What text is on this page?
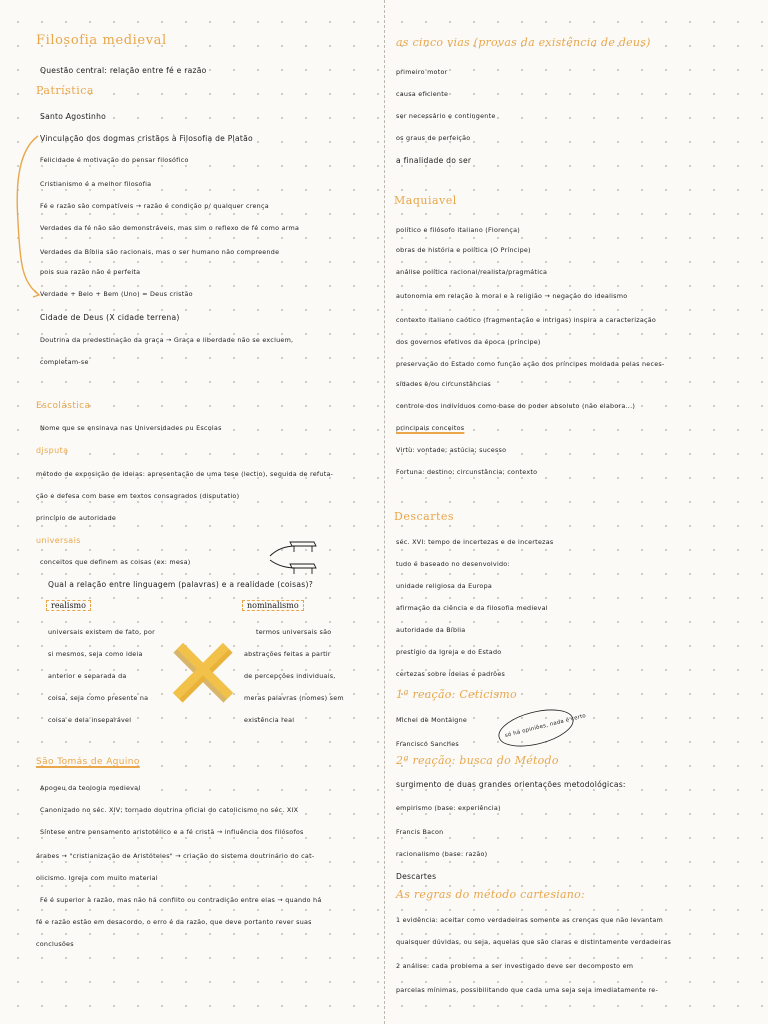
Filosofia medieval
Questão central: relação entre fé e razão
Patrística
Santo Agostinho
Vinculação dos dogmas cristãos à Filosofia de Platão
Felicidade é motivação do pensar filosófico
Cristianismo é a melhor filosofia
Fé e razão são compatíveis → razão é condição p/ qualquer crença
Verdades da fé não são demonstráveis, mas sim o reflexo de fé como arma
Verdades da Bíblia são racionais, mas o ser humano não compreende
pois sua razão não é perfeita
Verdade + Belo + Bem (Uno) = Deus cristão
Cidade de Deus (X cidade terrena)
Doutrina da predestinação da graça → Graça e liberdade não se excluem,
completam-se
Escolástica
Nome que se ensinava nas Universidades ou Escolas
disputa
método de exposição de ideias: apresentação de uma tese (lectio), seguida de refuta-
ção e defesa com base em textos consagrados (disputatio)
princípio de autoridade
universais
conceitos que definem as coisas (ex: mesa)
Qual a relação entre linguagem (palavras) e a realidade (coisas)?
realismo	nominalismo
universais existem de fato, por
si mesmos, seja como ideia
anterior e separada da
coisa, seja como presente na
coisa e dela inseparável
termos universais são
abstrações feitas a partir
de percepções individuais,
meras palavras (nomes) sem
existência real
São Tomás de Aquino
Apogeu da teologia medieval
Canonizado no séc. XIV; tornado doutrina oficial do catolicismo no séc. XIX
Síntese entre pensamento aristotélico e a fé cristã → influência dos filósofos
árabes → "cristianização de Aristóteles" → criação do sistema doutrinário do cat-
olicismo. Igreja com muito material
Fé é superior à razão, mas não há conflito ou contradição entre elas → quando há
fé e razão estão em desacordo, o erro é da razão, que deve portanto rever suas
conclusões
as cinco vias (provas da existência de deus)
primeiro motor
causa eficiente
ser necessário e contingente
os graus de perfeição
a finalidade do ser
Maquiavel
político e filósofo italiano (Florença)
obras de história e política (O Príncipe)
análise política racional/realista/pragmática
autonomia em relação à moral e à religião → negação do idealismo
contexto italiano caótico (fragmentação e intrigas) inspira a caracterização
dos governos efetivos da época (príncipe)
preservação do Estado como função ação dos príncipes moldada pelas neces-
sidades e/ou circunstâncias
controle dos indivíduos como base do poder absoluto (não elabora...)
principais conceitos
Virtù: vontade; astúcia; sucesso
Fortuna: destino; circunstância; contexto
Descartes
séc. XVI: tempo de incertezas e de incertezas
tudo é baseado no desenvolvido:
unidade religiosa da Europa
afirmação da ciência e da filosofia medieval
autoridade da Bíblia
prestígio da Igreja e do Estado
certezas sobre ideias e padrões
1ª reação: Ceticismo
Michel de Montaigne
Francisco Sanches
só há opiniões, nada é certo
2ª reação: busca do Método
surgimento de duas grandes orientações metodológicas:
empirismo (base: experiência)
Francis Bacon
racionalismo (base: razão)
Descartes
As regras do método cartesiano:
1 evidência: aceitar como verdadeiras somente as crenças que não levantam
quaisquer dúvidas, ou seja, aquelas que são claras e distintamente verdadeiras
2 análise: cada problema a ser investigado deve ser decomposto em
parcelas mínimas, possibilitando que cada uma seja seja imediatamente re-
